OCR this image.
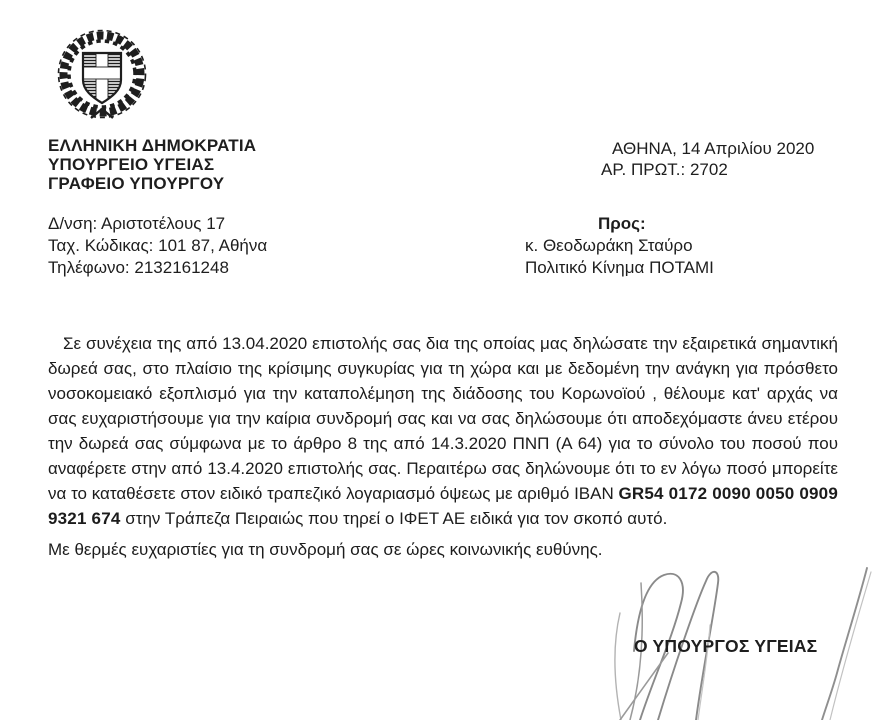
ΕΛΛΗΝΙΚΗ ΔΗΜΟΚΡΑΤΙΑ
ΥΠΟΥΡΓΕΙΟ ΥΓΕΙΑΣ
ΓΡΑΦΕΙΟ ΥΠΟΥΡΓΟΥ
ΑΘΗΝΑ, 14 Απριλίου 2020
ΑΡ. ΠΡΩΤ.: 2702
Δ/νση: Αριστοτέλους 17
Ταχ. Κώδικας: 101 87, Αθήνα
Τηλέφωνο: 2132161248
Προς:
κ. Θεοδωράκη Σταύρο
Πολιτικό Κίνημα ΠΟΤΑΜΙ

Σε συνέχεια της από 13.04.2020 επιστολής σας δια της οποίας μας δηλώσατε την εξαιρετικά σημαντική δωρεά σας, στο πλαίσιο της κρίσιμης συγκυρίας για τη χώρα και με δεδομένη την ανάγκη για πρόσθετο νοσοκομειακό εξοπλισμό για την καταπολέμηση της διάδοσης του Κορωνοϊού , θέλουμε κατ' αρχάς να σας ευχαριστήσουμε για την καίρια συνδρομή σας και να σας δηλώσουμε ότι αποδεχόμαστε άνευ ετέρου την δωρεά σας σύμφωνα με το άρθρο 8 της από 14.3.2020 ΠΝΠ (Α 64) για το σύνολο του ποσού που αναφέρετε στην από 13.4.2020 επιστολής σας. Περαιτέρω σας δηλώνουμε ότι το εν λόγω ποσό μπορείτε να το καταθέσετε στον ειδικό τραπεζικό λογαριασμό όψεως με αριθμό IBAN GR54 0172 0090 0050 0909 9321 674 στην Τράπεζα Πειραιώς που τηρεί ο ΙΦΕΤ ΑΕ ειδικά για τον σκοπό αυτό.

Με θερμές ευχαριστίες για τη συνδρομή σας σε ώρες κοινωνικής ευθύνης.

Ο ΥΠΟΥΡΓΟΣ ΥΓΕΙΑΣ
